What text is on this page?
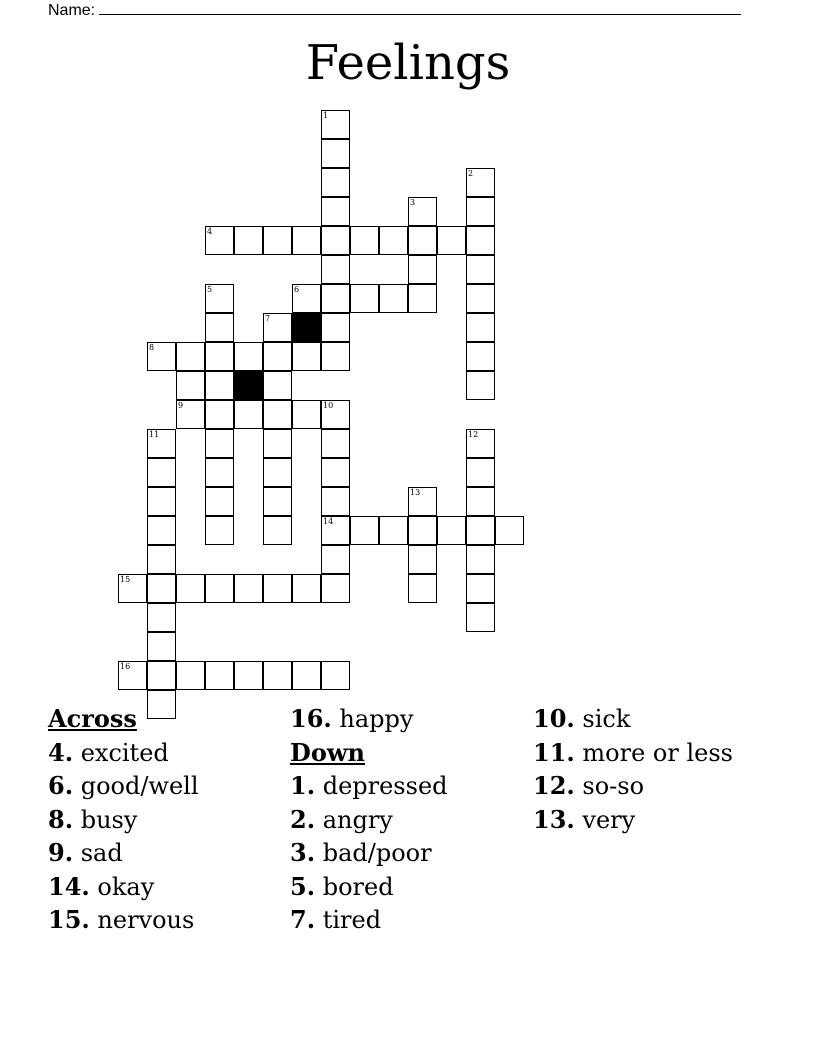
Name:
Feelings
1
2
3
4
5	6
7
8
9	10
14
11	12
13
15
16
Across
4. excited
6. good/well
8. busy
9. sad
14. okay
15. nervous
16. happy
Down
1. depressed
2. angry
3. bad/poor
5. bored
7. tired
10. sick
11. more or less
12. so-so
13. very
